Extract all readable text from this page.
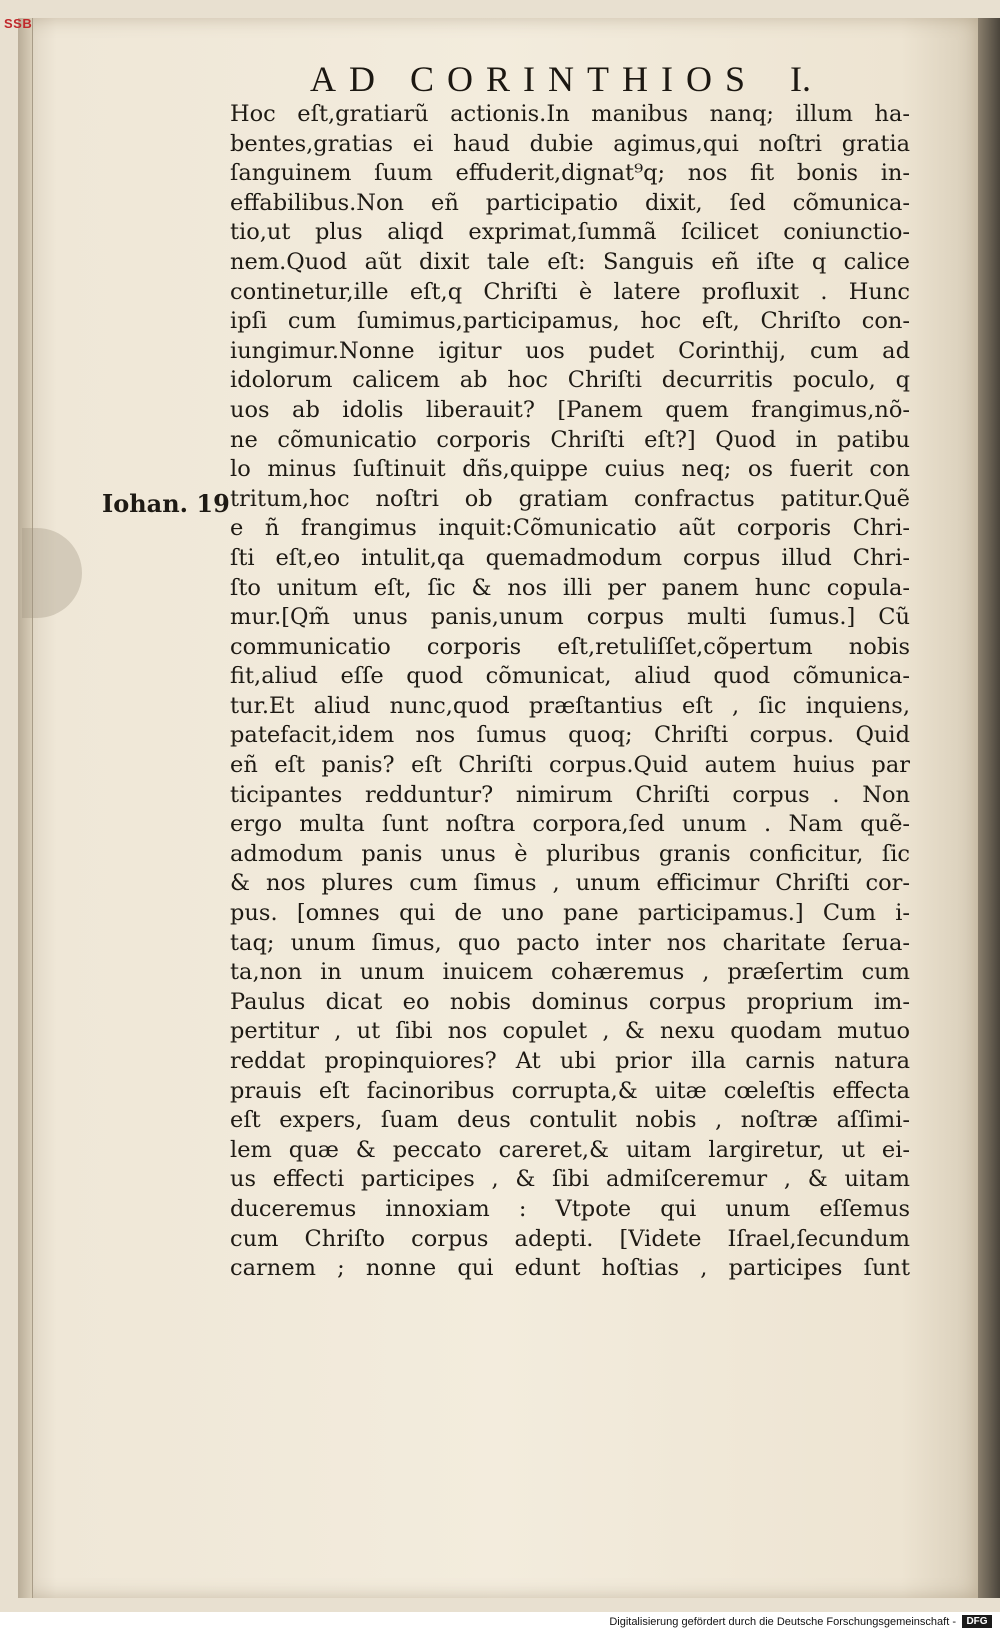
SSB
AD CORINTHIOS I.
Iohan. 19
Hoc eſt,gratiarũ actionis.In manibus nanq; illum ha-
bentes,gratias ei haud dubie agimus,qui noſtri gratia
ſanguinem ſuum effuderit,dignat⁹q; nos fit bonis in-
effabilibus.Non eñ participatio dixit, ſed cõmunica-
tio,ut plus aliqd exprimat,ſummã ſcilicet coniunctio-
nem.Quod aũt dixit tale eſt: Sanguis eñ iſte q calice
continetur,ille eſt,q Chriſti è latere profluxit . Hunc
ipſi cum ſumimus,participamus, hoc eſt, Chriſto con-
iungimur.Nonne igitur uos pudet Corinthij, cum ad
idolorum calicem ab hoc Chriſti decurritis poculo, q
uos ab idolis liberauit? [Panem quem frangimus,nõ-
ne cõmunicatio corporis Chriſti eſt?] Quod in patibu
lo minus ſuſtinuit dñs,quippe cuius neq; os fuerit con
tritum,hoc noſtri ob gratiam confractus patitur.Quẽ
e ñ frangimus inquit:Cõmunicatio aũt corporis Chri-
ſti eſt,eo intulit,qa quemadmodum corpus illud Chri-
ſto unitum eſt, ſic & nos illi per panem hunc copula-
mur.[Qm̃ unus panis,unum corpus multi ſumus.] Cũ
communicatio corporis eſt,retuliſſet,cõpertum nobis
fit,aliud eſſe quod cõmunicat, aliud quod cõmunica-
tur.Et aliud nunc,quod præſtantius eſt , ſic inquiens,
patefacit,idem nos ſumus quoq; Chriſti corpus. Quid
eñ eſt panis? eſt Chriſti corpus.Quid autem huius par
ticipantes redduntur? nimirum Chriſti corpus . Non
ergo multa ſunt noſtra corpora,ſed unum . Nam quẽ-
admodum panis unus è pluribus granis conficitur, ſic
& nos plures cum ſimus , unum efficimur Chriſti cor-
pus. [omnes qui de uno pane participamus.] Cum i-
taq; unum ſimus, quo pacto inter nos charitate ſerua-
ta,non in unum inuicem cohæremus , præſertim cum
Paulus dicat eo nobis dominus corpus proprium im-
pertitur , ut ſibi nos copulet , & nexu quodam mutuo
reddat propinquiores? At ubi prior illa carnis natura
prauis eſt facinoribus corrupta,& uitæ cœleſtis effecta
eſt expers, ſuam deus contulit nobis , noſtræ aſſimi-
lem quæ & peccato careret,& uitam largiretur, ut ei-
us effecti participes , & ſibi admiſceremur , & uitam
duceremus innoxiam : Vtpote qui unum eſſemus
cum Chriſto corpus adepti. [Videte Iſrael,ſecundum
carnem ; nonne qui edunt hoſtias , participes ſunt
Digitalisierung gefördert durch die Deutsche Forschungsgemeinschaft -	DFG
